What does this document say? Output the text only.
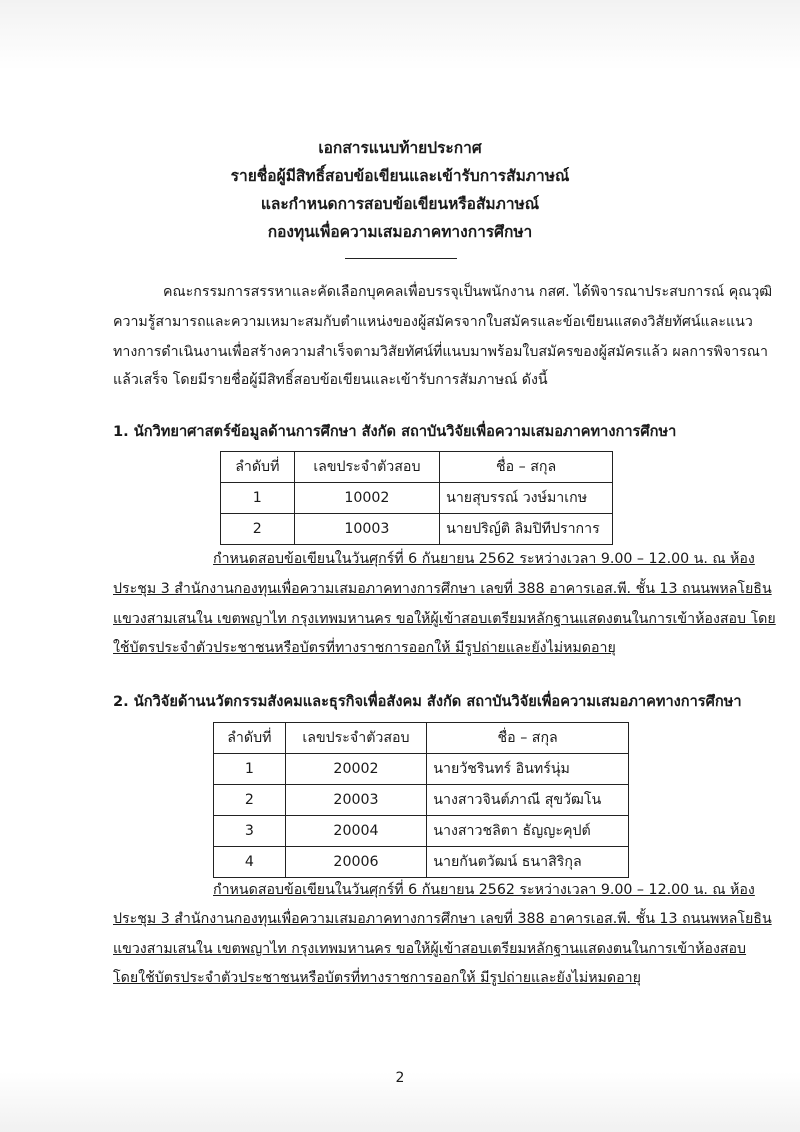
เอกสารแนบท้ายประกาศ
รายชื่อผู้มีสิทธิ์สอบข้อเขียนและเข้ารับการสัมภาษณ์
และกำหนดการสอบข้อเขียนหรือสัมภาษณ์
กองทุนเพื่อความเสมอภาคทางการศึกษา
คณะกรรมการสรรหาและคัดเลือกบุคคลเพื่อบรรจุเป็นพนักงาน กสศ. ได้พิจารณาประสบการณ์ คุณวุฒิ
ความรู้สามารถและความเหมาะสมกับตำแหน่งของผู้สมัครจากใบสมัครและข้อเขียนแสดงวิสัยทัศน์และแนว
ทางการดำเนินงานเพื่อสร้างความสำเร็จตามวิสัยทัศน์ที่แนบมาพร้อมใบสมัครของผู้สมัครแล้ว ผลการพิจารณา
แล้วเสร็จ โดยมีรายชื่อผู้มีสิทธิ์สอบข้อเขียนและเข้ารับการสัมภาษณ์ ดังนี้
1. นักวิทยาศาสตร์ข้อมูลด้านการศึกษา สังกัด สถาบันวิจัยเพื่อความเสมอภาคทางการศึกษา
ลำดับที่	เลขประจำตัวสอบ	ชื่อ – สกุล
1	10002	นายสุบรรณ์ วงษ์มาเกษ
2	10003	นายปริญ์ติ ลิมปิทีปราการ
กำหนดสอบข้อเขียนในวันศุกร์ที่ 6 กันยายน 2562 ระหว่างเวลา 9.00 – 12.00 น. ณ ห้อง
ประชุม 3 สำนักงานกองทุนเพื่อความเสมอภาคทางการศึกษา เลขที่ 388 อาคารเอส.พี. ชั้น 13 ถนนพหลโยธิน
แขวงสามเสนใน เขตพญาไท กรุงเทพมหานคร ขอให้ผู้เข้าสอบเตรียมหลักฐานแสดงตนในการเข้าห้องสอบ โดย
ใช้บัตรประจำตัวประชาชนหรือบัตรที่ทางราชการออกให้ มีรูปถ่ายและยังไม่หมดอายุ
2. นักวิจัยด้านนวัตกรรมสังคมและธุรกิจเพื่อสังคม สังกัด สถาบันวิจัยเพื่อความเสมอภาคทางการศึกษา
ลำดับที่	เลขประจำตัวสอบ	ชื่อ – สกุล
1	20002	นายวัชรินทร์ อินทร์นุ่ม
2	20003	นางสาวจินต์ภาณี สุขวัฒโน
3	20004	นางสาวชลิตา ธัญญะคุปต์
4	20006	นายกันตวัฒน์ ธนาสิริกุล
กำหนดสอบข้อเขียนในวันศุกร์ที่ 6 กันยายน 2562 ระหว่างเวลา 9.00 – 12.00 น. ณ ห้อง
ประชุม 3 สำนักงานกองทุนเพื่อความเสมอภาคทางการศึกษา เลขที่ 388 อาคารเอส.พี. ชั้น 13 ถนนพหลโยธิน
แขวงสามเสนใน เขตพญาไท กรุงเทพมหานคร ขอให้ผู้เข้าสอบเตรียมหลักฐานแสดงตนในการเข้าห้องสอบ
โดยใช้บัตรประจำตัวประชาชนหรือบัตรที่ทางราชการออกให้ มีรูปถ่ายและยังไม่หมดอายุ
2
